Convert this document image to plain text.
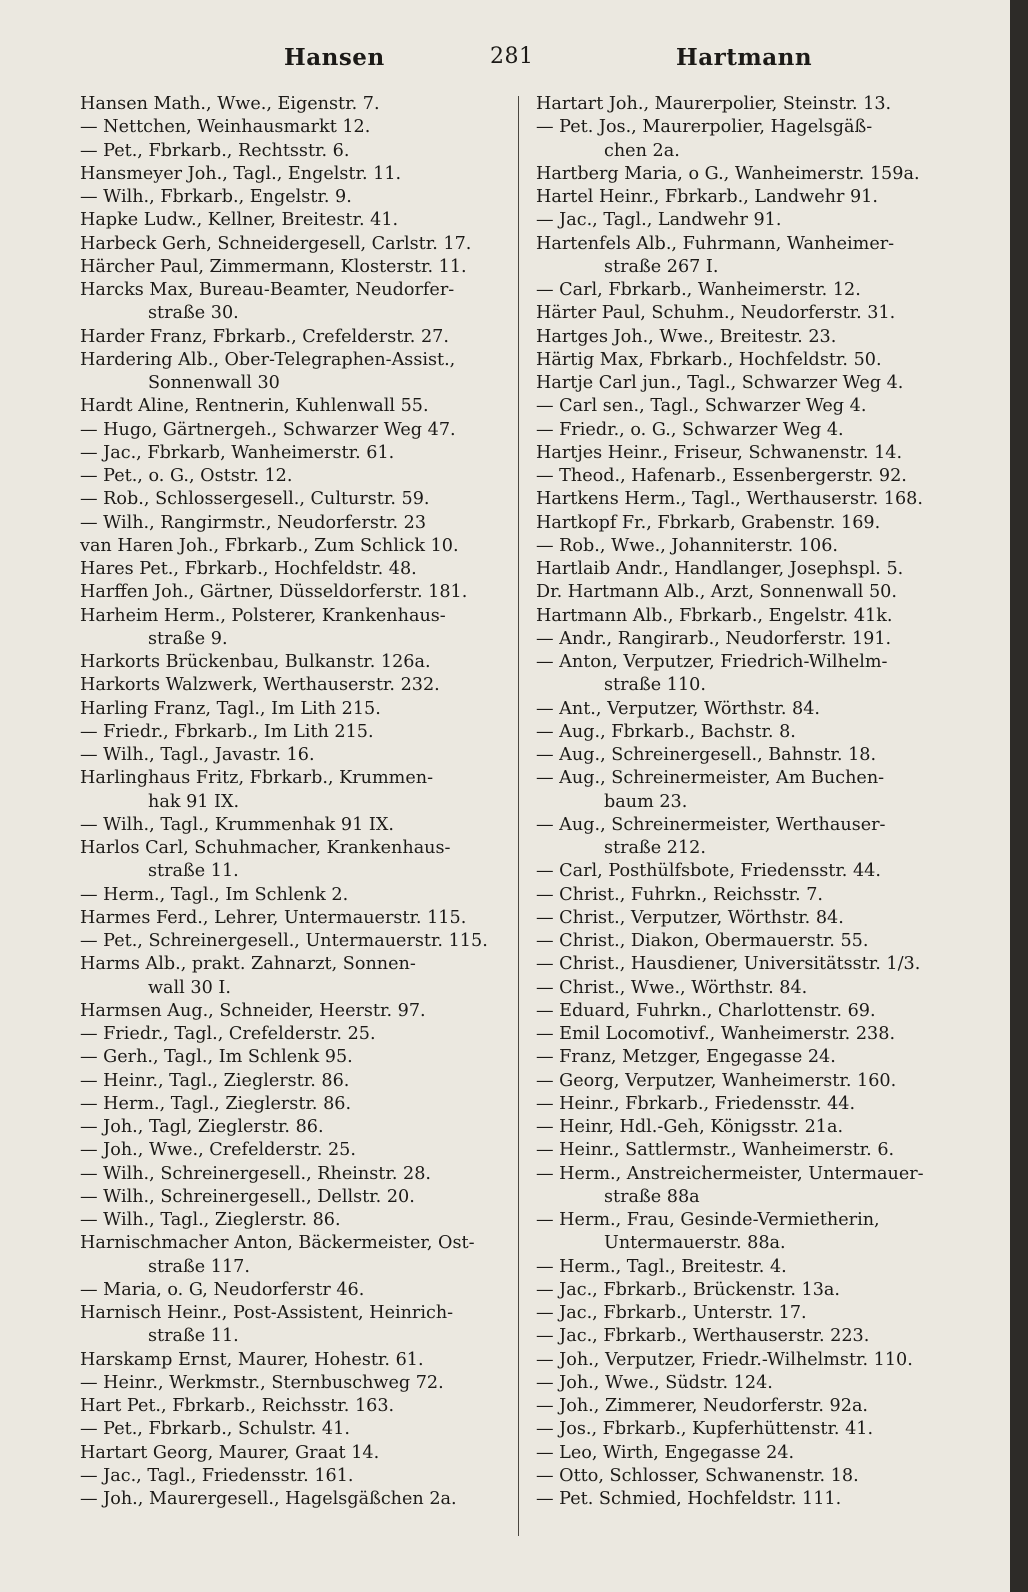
Hansen	281	Hartmann
Hansen Math., Wwe., Eigenstr. 7.
— Nettchen, Weinhausmarkt 12.
— Pet., Fbrkarb., Rechtsstr. 6.
Hansmeyer Joh., Tagl., Engelstr. 11.
— Wilh., Fbrkarb., Engelstr. 9.
Hapke Ludw., Kellner, Breitestr. 41.
Harbeck Gerh, Schneidergesell, Carlstr. 17.
Härcher Paul, Zimmermann, Klosterstr. 11.
Harcks Max, Bureau-Beamter, Neudorfer-
straße 30.
Harder Franz, Fbrkarb., Crefelderstr. 27.
Hardering Alb., Ober-Telegraphen-Assist.,
Sonnenwall 30
Hardt Aline, Rentnerin, Kuhlenwall 55.
— Hugo, Gärtnergeh., Schwarzer Weg 47.
— Jac., Fbrkarb, Wanheimerstr. 61.
— Pet., o. G., Oststr. 12.
— Rob., Schlossergesell., Culturstr. 59.
— Wilh., Rangirmstr., Neudorferstr. 23
van Haren Joh., Fbrkarb., Zum Schlick 10.
Hares Pet., Fbrkarb., Hochfeldstr. 48.
Harffen Joh., Gärtner, Düsseldorferstr. 181.
Harheim Herm., Polsterer, Krankenhaus-
straße 9.
Harkorts Brückenbau, Bulkanstr. 126a.
Harkorts Walzwerk, Werthauserstr. 232.
Harling Franz, Tagl., Im Lith 215.
— Friedr., Fbrkarb., Im Lith 215.
— Wilh., Tagl., Javastr. 16.
Harlinghaus Fritz, Fbrkarb., Krummen-
hak 91 IX.
— Wilh., Tagl., Krummenhak 91 IX.
Harlos Carl, Schuhmacher, Krankenhaus-
straße 11.
— Herm., Tagl., Im Schlenk 2.
Harmes Ferd., Lehrer, Untermauerstr. 115.
— Pet., Schreinergesell., Untermauerstr. 115.
Harms Alb., prakt. Zahnarzt, Sonnen-
wall 30 I.
Harmsen Aug., Schneider, Heerstr. 97.
— Friedr., Tagl., Crefelderstr. 25.
— Gerh., Tagl., Im Schlenk 95.
— Heinr., Tagl., Zieglerstr. 86.
— Herm., Tagl., Zieglerstr. 86.
— Joh., Tagl, Zieglerstr. 86.
— Joh., Wwe., Crefelderstr. 25.
— Wilh., Schreinergesell., Rheinstr. 28.
— Wilh., Schreinergesell., Dellstr. 20.
— Wilh., Tagl., Zieglerstr. 86.
Harnischmacher Anton, Bäckermeister, Ost-
straße 117.
— Maria, o. G, Neudorferstr 46.
Harnisch Heinr., Post-Assistent, Heinrich-
straße 11.
Harskamp Ernst, Maurer, Hohestr. 61.
— Heinr., Werkmstr., Sternbuschweg 72.
Hart Pet., Fbrkarb., Reichsstr. 163.
— Pet., Fbrkarb., Schulstr. 41.
Hartart Georg, Maurer, Graat 14.
— Jac., Tagl., Friedensstr. 161.
— Joh., Maurergesell., Hagelsgäßchen 2a.
Hartart Joh., Maurerpolier, Steinstr. 13.
— Pet. Jos., Maurerpolier, Hagelsgäß-
chen 2a.
Hartberg Maria, o G., Wanheimerstr. 159a.
Hartel Heinr., Fbrkarb., Landwehr 91.
— Jac., Tagl., Landwehr 91.
Hartenfels Alb., Fuhrmann, Wanheimer-
straße 267 I.
— Carl, Fbrkarb., Wanheimerstr. 12.
Härter Paul, Schuhm., Neudorferstr. 31.
Hartges Joh., Wwe., Breitestr. 23.
Härtig Max, Fbrkarb., Hochfeldstr. 50.
Hartje Carl jun., Tagl., Schwarzer Weg 4.
— Carl sen., Tagl., Schwarzer Weg 4.
— Friedr., o. G., Schwarzer Weg 4.
Hartjes Heinr., Friseur, Schwanenstr. 14.
— Theod., Hafenarb., Essenbergerstr. 92.
Hartkens Herm., Tagl., Werthauserstr. 168.
Hartkopf Fr., Fbrkarb, Grabenstr. 169.
— Rob., Wwe., Johanniterstr. 106.
Hartlaib Andr., Handlanger, Josephspl. 5.
Dr. Hartmann Alb., Arzt, Sonnenwall 50.
Hartmann Alb., Fbrkarb., Engelstr. 41k.
— Andr., Rangirarb., Neudorferstr. 191.
— Anton, Verputzer, Friedrich-Wilhelm-
straße 110.
— Ant., Verputzer, Wörthstr. 84.
— Aug., Fbrkarb., Bachstr. 8.
— Aug., Schreinergesell., Bahnstr. 18.
— Aug., Schreinermeister, Am Buchen-
baum 23.
— Aug., Schreinermeister, Werthauser-
straße 212.
— Carl, Posthülfsbote, Friedensstr. 44.
— Christ., Fuhrkn., Reichsstr. 7.
— Christ., Verputzer, Wörthstr. 84.
— Christ., Diakon, Obermauerstr. 55.
— Christ., Hausdiener, Universitätsstr. 1/3.
— Christ., Wwe., Wörthstr. 84.
— Eduard, Fuhrkn., Charlottenstr. 69.
— Emil Locomotivf., Wanheimerstr. 238.
— Franz, Metzger, Engegasse 24.
— Georg, Verputzer, Wanheimerstr. 160.
— Heinr., Fbrkarb., Friedensstr. 44.
— Heinr, Hdl.-Geh, Königsstr. 21a.
— Heinr., Sattlermstr., Wanheimerstr. 6.
— Herm., Anstreichermeister, Untermauer-
straße 88a
— Herm., Frau, Gesinde-Vermietherin,
Untermauerstr. 88a.
— Herm., Tagl., Breitestr. 4.
— Jac., Fbrkarb., Brückenstr. 13a.
— Jac., Fbrkarb., Unterstr. 17.
— Jac., Fbrkarb., Werthauserstr. 223.
— Joh., Verputzer, Friedr.-Wilhelmstr. 110.
— Joh., Wwe., Südstr. 124.
— Joh., Zimmerer, Neudorferstr. 92a.
— Jos., Fbrkarb., Kupferhüttenstr. 41.
— Leo, Wirth, Engegasse 24.
— Otto, Schlosser, Schwanenstr. 18.
— Pet. Schmied, Hochfeldstr. 111.
